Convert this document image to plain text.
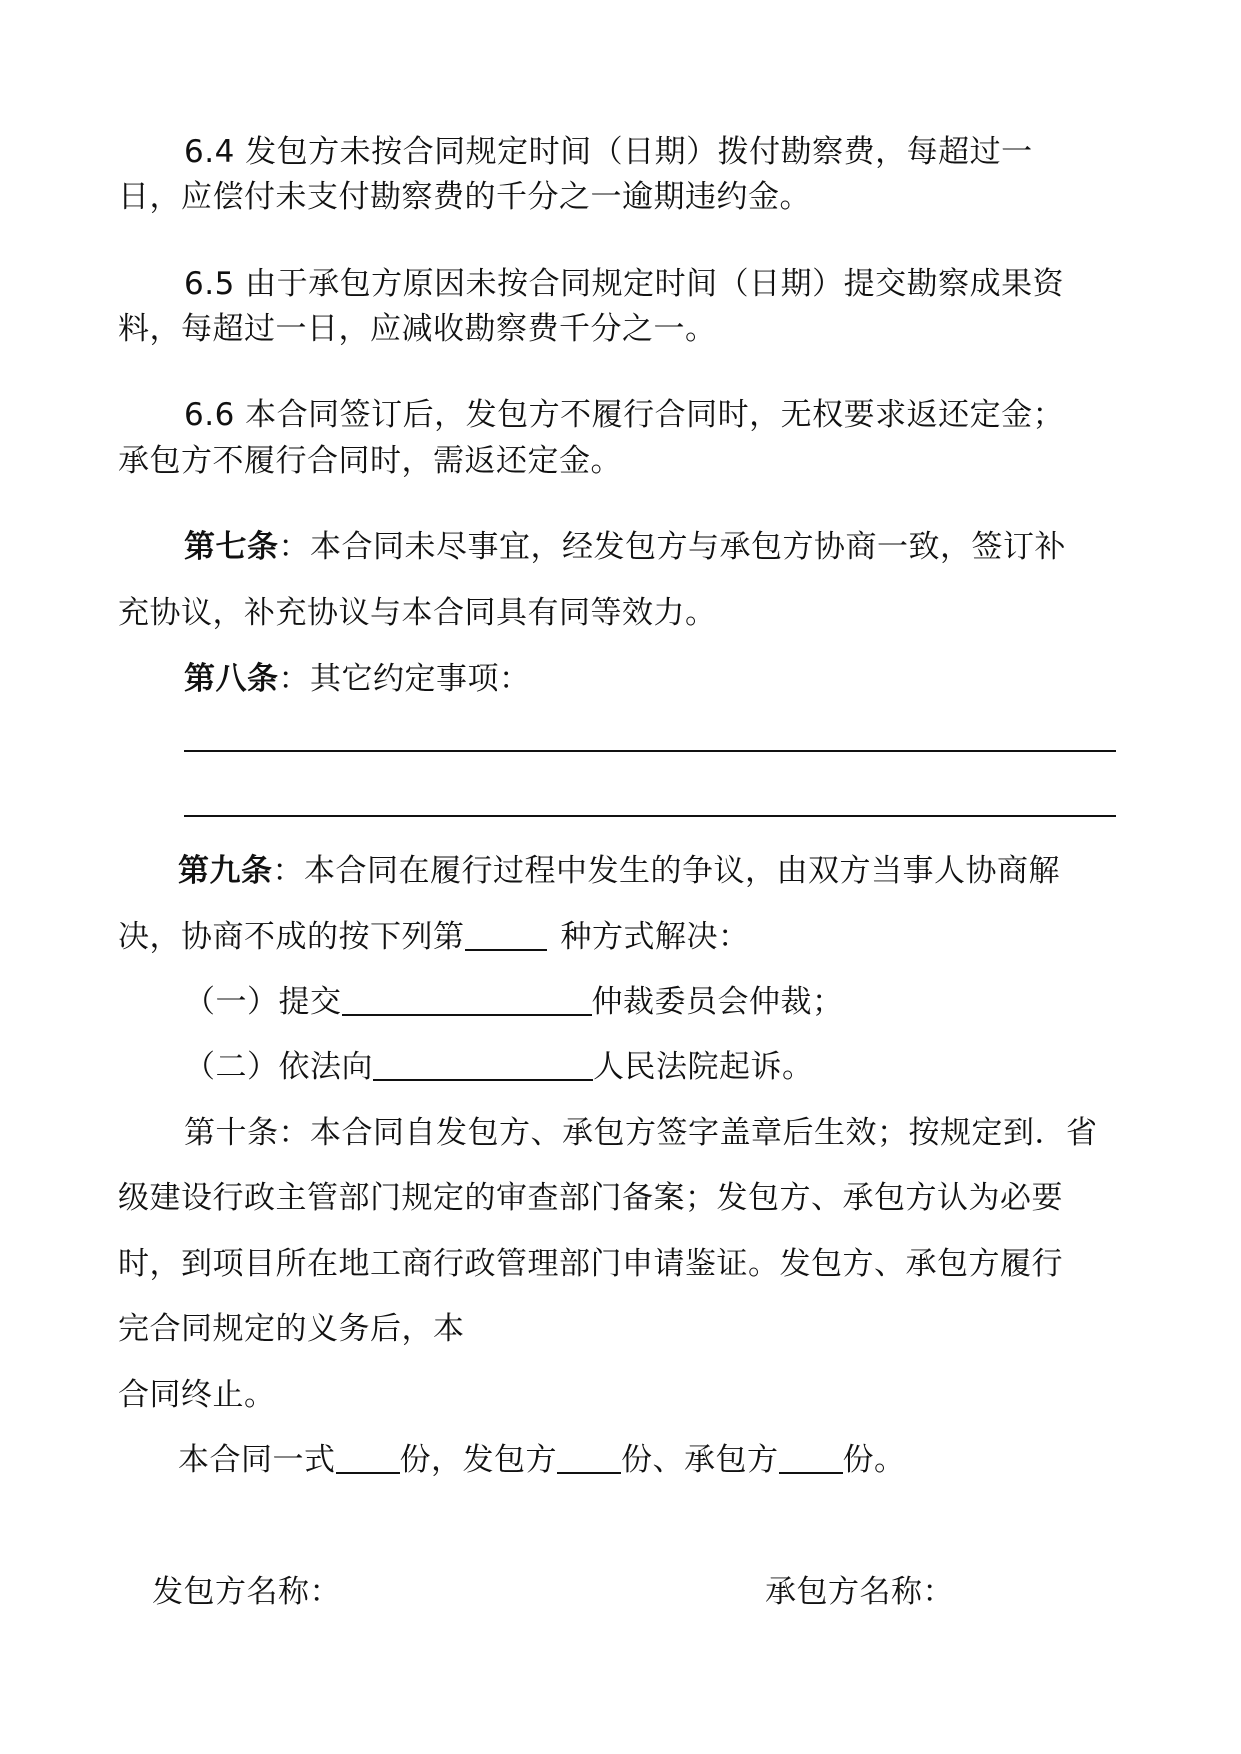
6.4 发包方未按合同规定时间（日期）拨付勘察费，每超过一
日，应偿付未支付勘察费的千分之一逾期违约金。
6.5 由于承包方原因未按合同规定时间（日期）提交勘察成果资
料，每超过一日，应减收勘察费千分之一。
6.6 本合同签订后，发包方不履行合同时，无权要求返还定金；
承包方不履行合同时，需返还定金。
第七条：本合同未尽事宜，经发包方与承包方协商一致，签订补
充协议，补充协议与本合同具有同等效力。
第八条：其它约定事项：
第九条：本合同在履行过程中发生的争议，由双方当事人协商解
决，协商不成的按下列第	种方式解决：
（一）提交	仲裁委员会仲裁；
（二）依法向	人民法院起诉。
第十条：本合同自发包方、承包方签字盖章后生效；按规定到．省
级建设行政主管部门规定的审查部门备案；发包方、承包方认为必要
时，到项目所在地工商行政管理部门申请鉴证。发包方、承包方履行
完合同规定的义务后，本
合同终止。
本合同一式 份，发包方 份、承包方 份。
发包方名称：	承包方名称：
